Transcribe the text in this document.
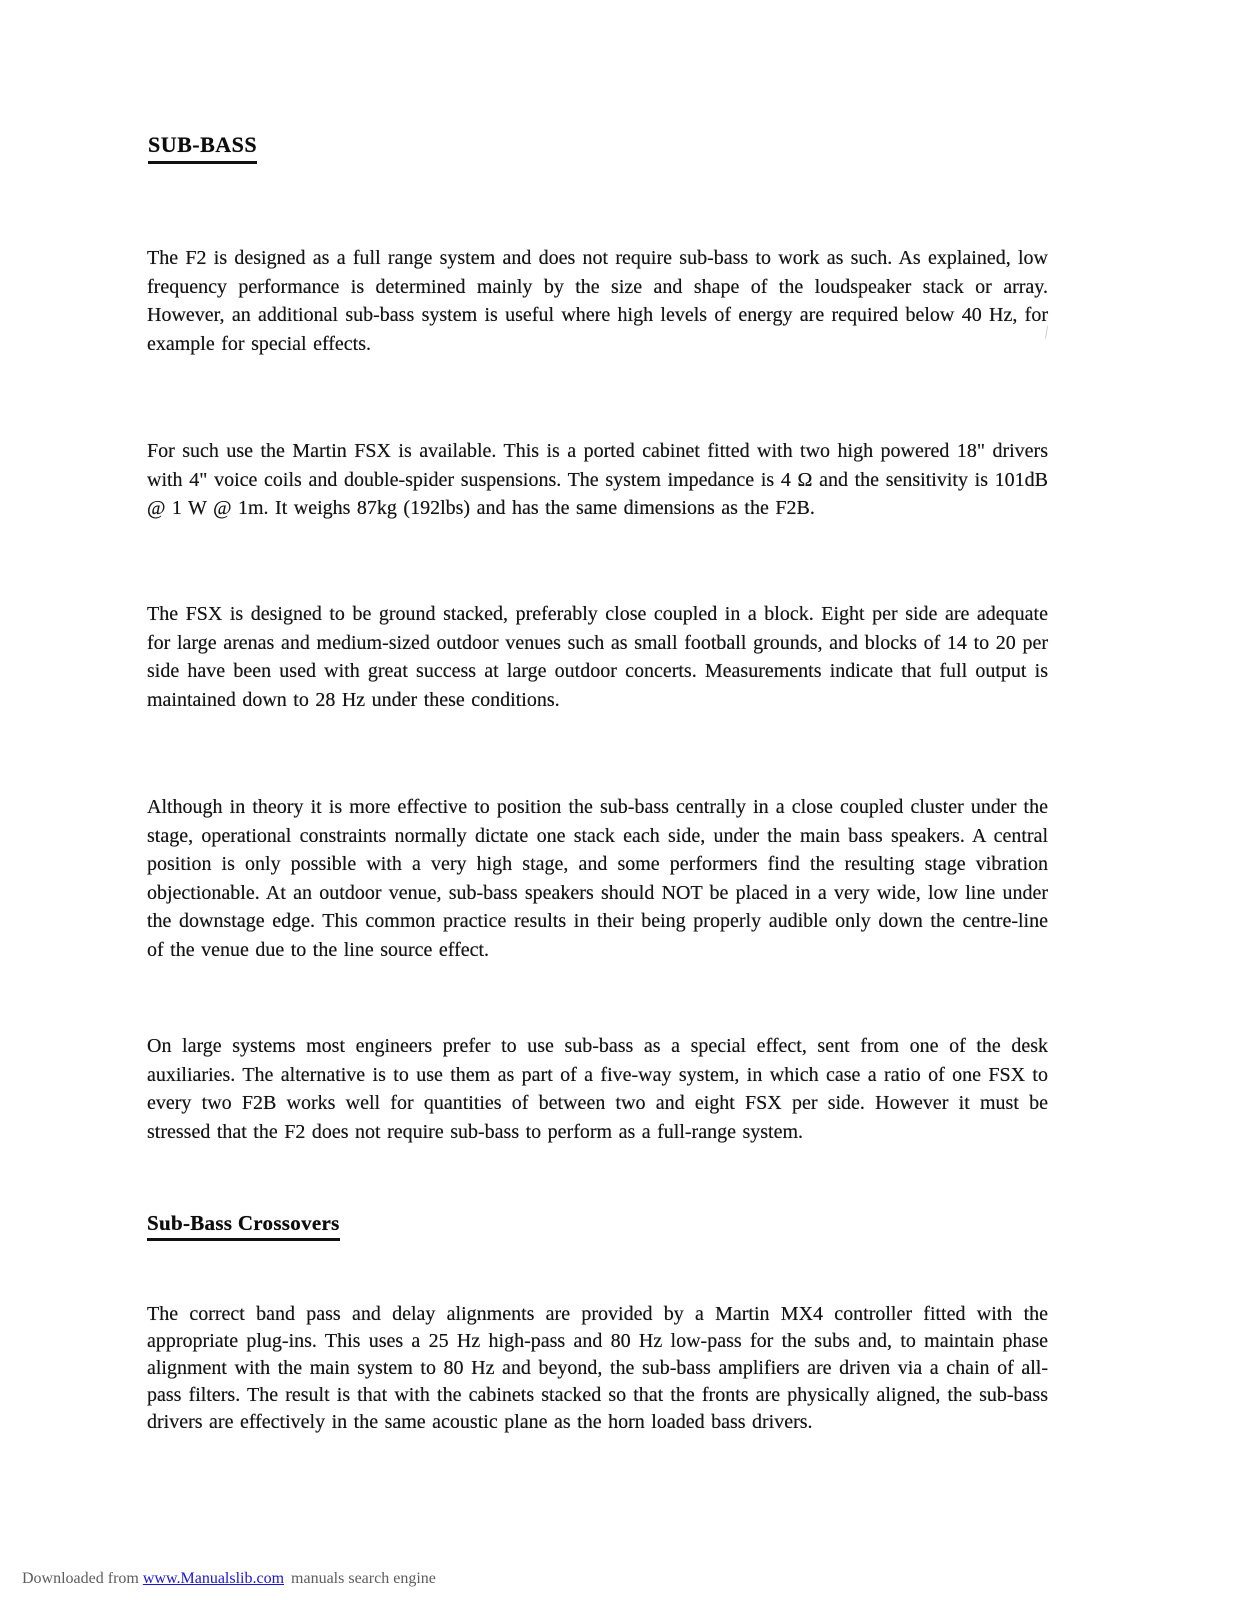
SUB-BASS

The F2 is designed as a full range system and does not require sub-bass to work as such. As explained, low frequency performance is determined mainly by the size and shape of the loudspeaker stack or array. However, an additional sub-bass system is useful where high levels of energy are required below 40 Hz, for example for special effects.

For such use the Martin FSX is available. This is a ported cabinet fitted with two high powered 18" drivers with 4" voice coils and double-spider suspensions. The system impedance is 4 Ω and the sensitivity is 101dB @ 1 W @ 1m. It weighs 87kg (192lbs) and has the same dimensions as the F2B.

The FSX is designed to be ground stacked, preferably close coupled in a block. Eight per side are adequate for large arenas and medium-sized outdoor venues such as small football grounds, and blocks of 14 to 20 per side have been used with great success at large outdoor concerts. Measurements indicate that full output is maintained down to 28 Hz under these conditions.

Although in theory it is more effective to position the sub-bass centrally in a close coupled cluster under the stage, operational constraints normally dictate one stack each side, under the main bass speakers. A central position is only possible with a very high stage, and some performers find the resulting stage vibration objectionable. At an outdoor venue, sub-bass speakers should NOT be placed in a very wide, low line under the downstage edge. This common practice results in their being properly audible only down the centre-line of the venue due to the line source effect.

On large systems most engineers prefer to use sub-bass as a special effect, sent from one of the desk auxiliaries. The alternative is to use them as part of a five-way system, in which case a ratio of one FSX to every two F2B works well for quantities of between two and eight FSX per side. However it must be stressed that the F2 does not require sub-bass to perform as a full-range system.

Sub-Bass Crossovers

The correct band pass and delay alignments are provided by a Martin MX4 controller fitted with the appropriate plug-ins. This uses a 25 Hz high-pass and 80 Hz low-pass for the subs and, to maintain phase alignment with the main system to 80 Hz and beyond, the sub-bass amplifiers are driven via a chain of all-pass filters. The result is that with the cabinets stacked so that the fronts are physically aligned, the sub-bass drivers are effectively in the same acoustic plane as the horn loaded bass drivers.

Downloaded from www.Manualslib.com manuals search engine
